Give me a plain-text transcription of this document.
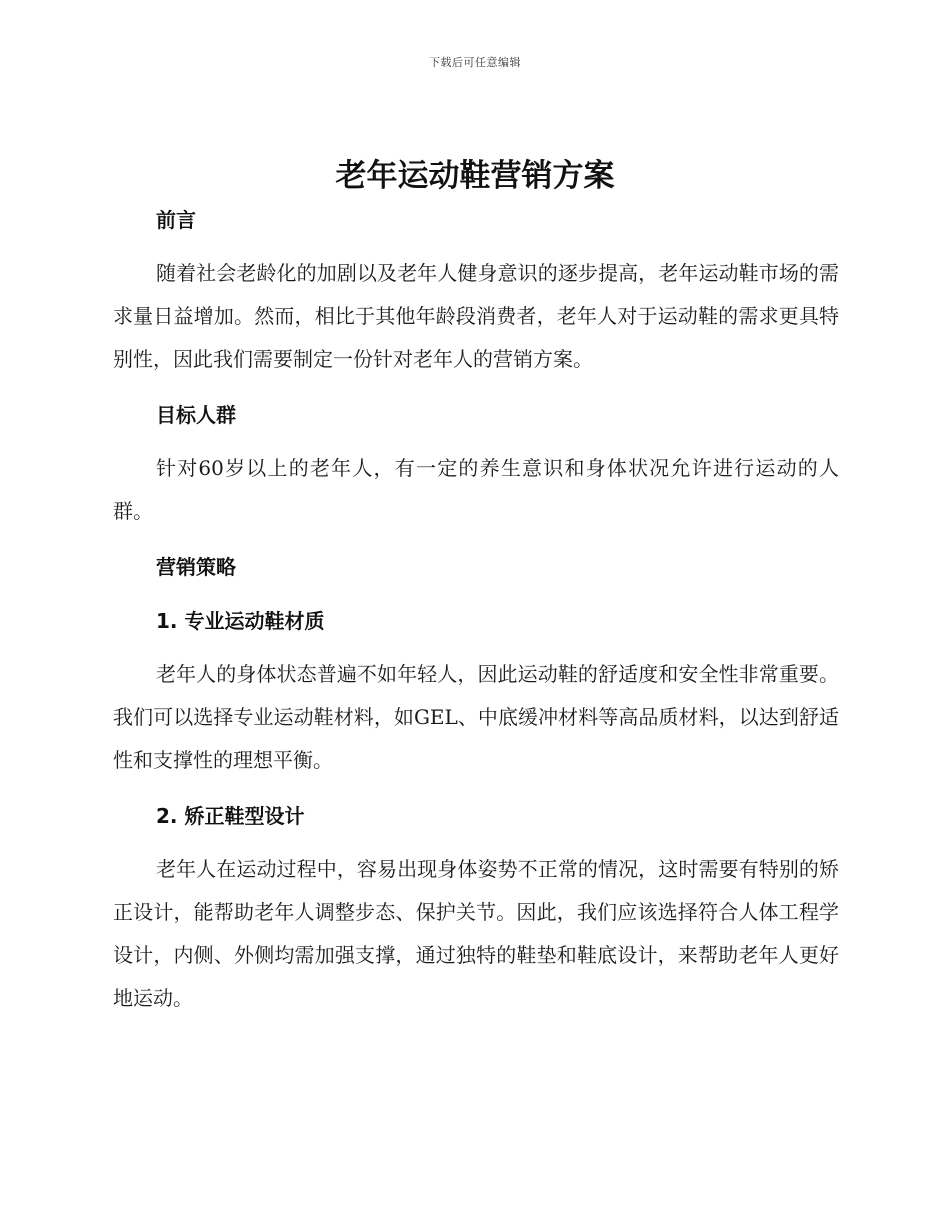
下载后可任意编辑
老年运动鞋营销方案
前言

随着社会老龄化的加剧以及老年人健身意识的逐步提高，老年运动鞋市场的需求量日益增加。然而，相比于其他年龄段消费者，老年人对于运动鞋的需求更具特别性，因此我们需要制定一份针对老年人的营销方案。

目标人群

针对60岁以上的老年人，有一定的养生意识和身体状况允许进行运动的人群。

营销策略
1. 专业运动鞋材质

老年人的身体状态普遍不如年轻人，因此运动鞋的舒适度和安全性非常重要。我们可以选择专业运动鞋材料，如GEL、中底缓冲材料等高品质材料，以达到舒适性和支撑性的理想平衡。

2. 矫正鞋型设计

老年人在运动过程中，容易出现身体姿势不正常的情况，这时需要有特别的矫正设计，能帮助老年人调整步态、保护关节。因此，我们应该选择符合人体工程学设计，内侧、外侧均需加强支撑，通过独特的鞋垫和鞋底设计，来帮助老年人更好地运动。
